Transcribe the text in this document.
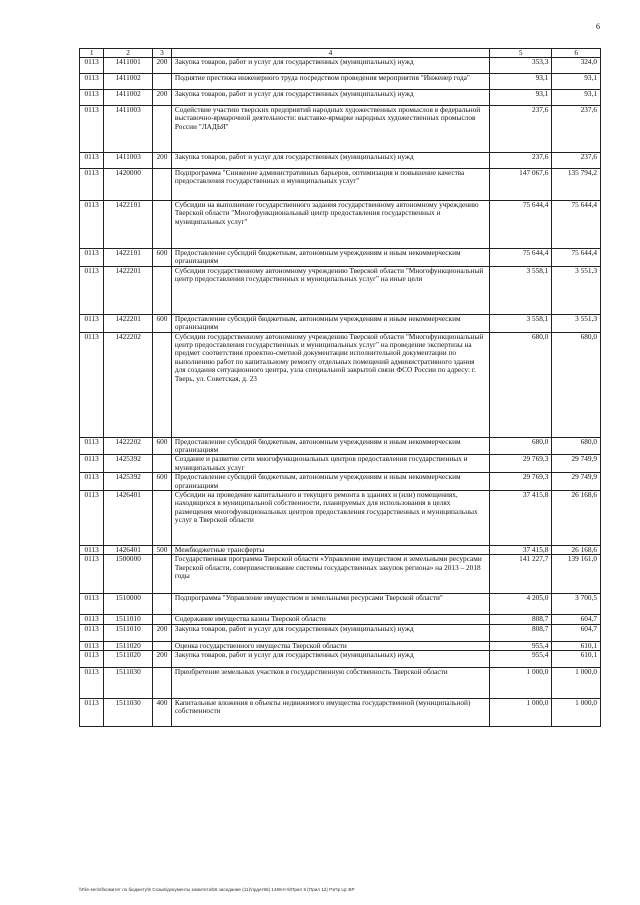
6
1	2	3	4	5	6
0113	1411001	200	Закупка товаров, работ и услуг для государственных (муниципальных) нужд	353,3	324,0
0113	1411002		Поднятие престижа инженерного труда посредством проведения мероприятия "Инженер года"	93,1	93,1
0113	1411002	200	Закупка товаров, работ и услуг для государственных (муниципальных) нужд	93,1	93,1
0113	1411003		Содействие участию тверских предприятий народных художественных промыслов в федеральной выставочно-ярмарочной деятельности: выставке-ярмарке народных художественных промыслов России "ЛАДЬЯ"	237,6	237,6
0113	1411003	200	Закупка товаров, работ и услуг для государственных (муниципальных) нужд	237,6	237,6
0113	1420000		Подпрограмма "Снижение административных барьеров, оптимизация и повышение качества предоставления государственных и муниципальных услуг"	147 067,6	135 794,2
0113	1422101		Субсидии на выполнение государственного задания государственному автономному учреждению Тверской области "Многофункциональный центр предоставления государственных и муниципальных услуг"	75 644,4	75 644,4
0113	1422101	600	Предоставление субсидий бюджетным, автономным учреждениям и иным некоммерческим организациям	75 644,4	75 644,4
0113	1422201		Субсидии государственному автономному учреждению Тверской области "Многофункциональный центр предоставления государственных и муниципальных услуг" на иные цели	3 558,1	3 551,3
0113	1422201	600	Предоставление субсидий бюджетным, автономным учреждениям и иным некоммерческим организациям	3 558,1	3 551,3
0113	1422202		Субсидии государственному автономному учреждению Тверской области "Многофункциональный центр предоставления государственных и муниципальных услуг" на проведение экспертизы на предмет соответствия проектно-сметной документации исполнительной документации по выполнению работ по капитальному ремонту отдельных помещений административного здания для создания ситуационного центра, узла специальной закрытой связи ФСО России по адресу: г. Тверь, ул. Советская, д. 23	680,0	680,0
0113	1422202	600	Предоставление субсидий бюджетным, автономным учреждениям и иным некоммерческим организациям	680,0	680,0
0113	1425392		Создание и развитие сети многофункциональных центров предоставления государственных и муниципальных услуг	29 769,3	29 749,9
0113	1425392	600	Предоставление субсидий бюджетным, автономным учреждениям и иным некоммерческим организациям	29 769,3	29 749,9
0113	1426401		Субсидии на проведение капитального и текущего ремонта в зданиях и (или) помещениях, находящихся в муниципальной собственности, планируемых для использования в целях размещения многофункциональных центров предоставления государственных и муниципальных услуг в Тверской области	37 415,8	26 168,6
0113	1426401	500	Межбюджетные трансферты	37 415,8	26 168,6
0113	1500000		Государственная программа Тверской области «Управление имуществом и земельными ресурсами Тверской области, совершенствование системы государственных закупок региона» на 2013 – 2018 годы	141 227,7	139 161,0
0113	1510000		Подпрограмма "Управление имуществом и земельными ресурсами Тверской области"	4 205,0	3 700,5
0113	1511010		Содержание имущества казны Тверской области	808,7	604,7
0113	1511010	200	Закупка товаров, работ и услуг для государственных (муниципальных) нужд	808,7	604,7
0113	1511020		Оценка государственного имущества Тверской области	955,4	610,1
0113	1511020	200	Закупка товаров, работ и услуг для государственных (муниципальных) нужд	955,4	610,1
0113	1511030		Приобретение земельных участков в государственную собственность Тверской области	1 000,0	1 000,0
0113	1511030	400	Капитальные вложения в объекты недвижимого имущества государственной (муниципальной) собственности	1 000,0	1 000,0
\\File-sen\sf\комитет по бюджету\5 Созыв\документы комитета\56 заседание (11)\прдет56) 1498-II-5\Прил 5 (Прил 12) РзПр Цс ВР
